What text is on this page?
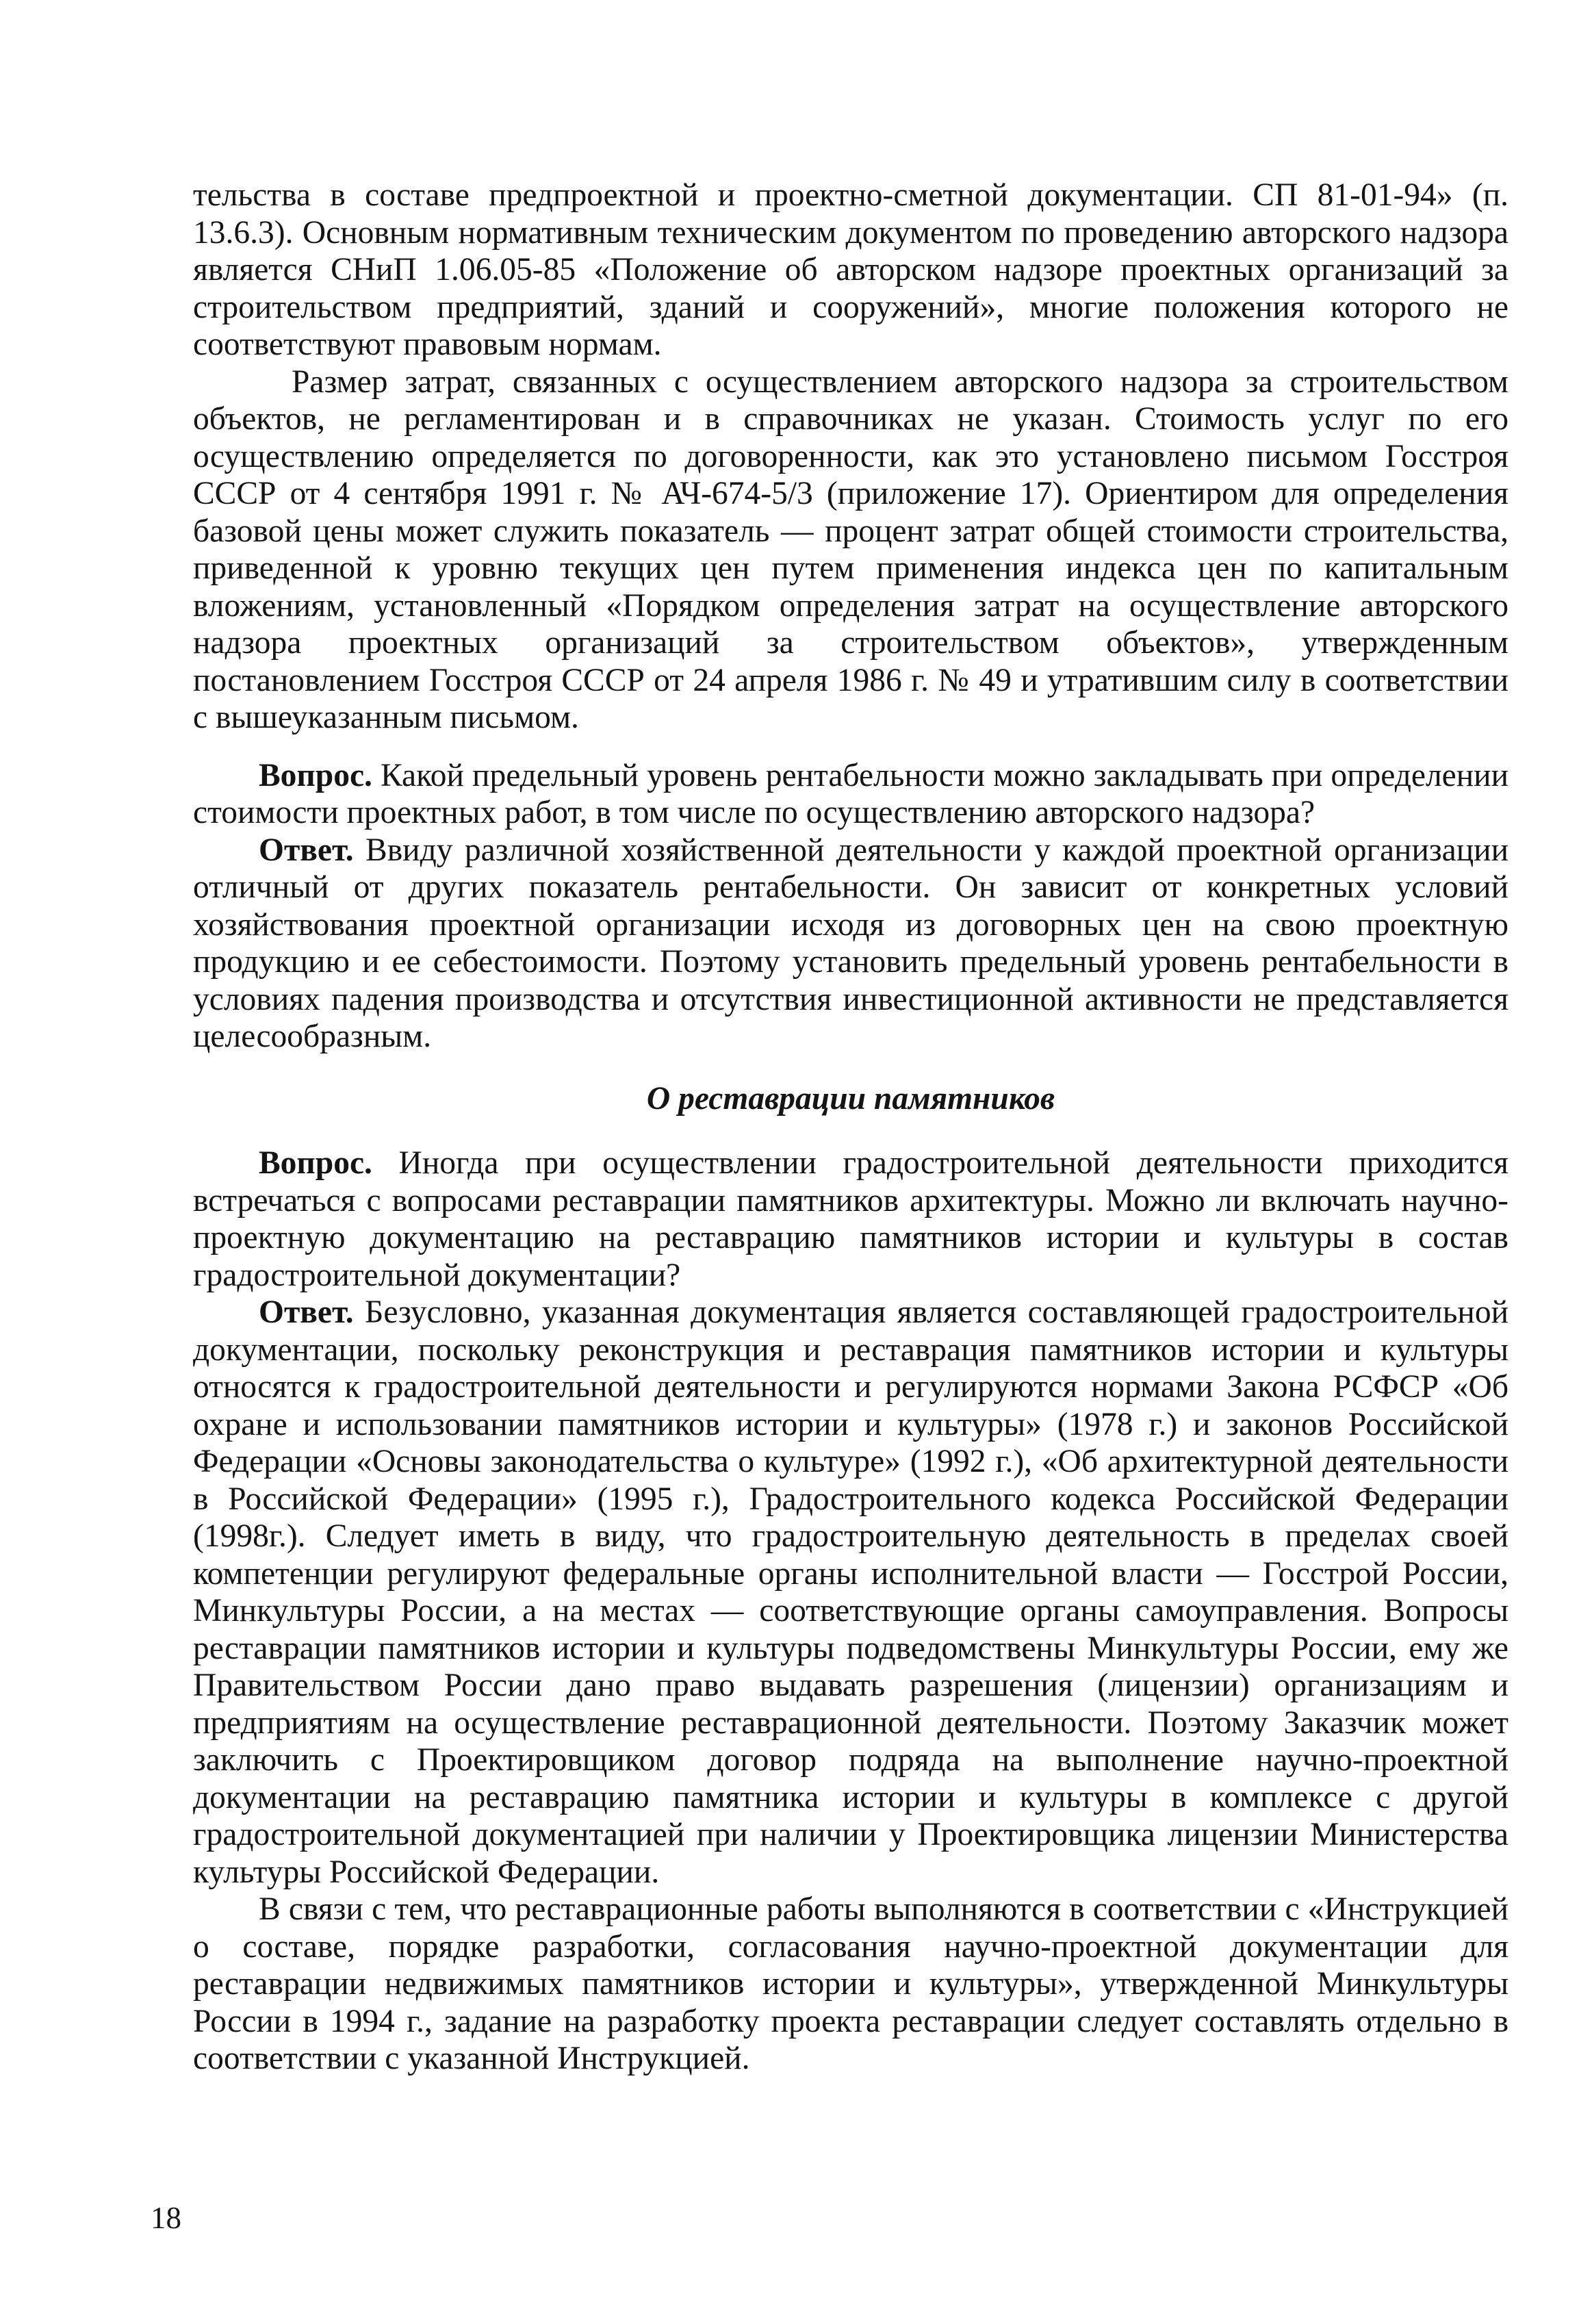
тельства в составе предпроектной и проектно-сметной документации. СП 81-01-94» (п. 13.6.3). Основным нормативным техническим документом по проведению авторского надзора является СНиП 1.06.05-85 «Положение об авторском надзоре проектных организаций за строительством предприятий, зданий и сооружений», многие положения которого не соответствуют правовым нормам.

Размер затрат, связанных с осуществлением авторского надзора за строительством объектов, не регламентирован и в справочниках не указан. Стоимость услуг по его осуществлению определяется по договоренности, как это установлено письмом Госстроя СССР от 4 сентября 1991 г. № АЧ-674-5/3 (приложение 17). Ориентиром для определения базовой цены может служить показатель — процент затрат общей стоимости строительства, приведенной к уровню текущих цен путем применения индекса цен по капитальным вложениям, установленный «Порядком определения затрат на осуществление авторского надзора проектных организаций за строительством объектов», утвержденным постановлением Госстроя СССР от 24 апреля 1986 г. № 49 и утратившим силу в соответствии с вышеуказанным письмом.

Вопрос. Какой предельный уровень рентабельности можно закладывать при определении стоимости проектных работ, в том числе по осуществлению авторского надзора?

Ответ. Ввиду различной хозяйственной деятельности у каждой проектной организации отличный от других показатель рентабельности. Он зависит от конкретных условий хозяйствования проектной организации исходя из договорных цен на свою проектную продукцию и ее себестоимости. Поэтому установить предельный уровень рентабельности в условиях падения производства и отсутствия инвестиционной активности не представляется целесообразным.

О реставрации памятников

Вопрос. Иногда при осуществлении градостроительной деятельности приходится встречаться с вопросами реставрации памятников архитектуры. Можно ли включать научно-проектную документацию на реставрацию памятников истории и культуры в состав градостроительной документации?

Ответ. Безусловно, указанная документация является составляющей градостроительной документации, поскольку реконструкция и реставрация памятников истории и культуры относятся к градостроительной деятельности и регулируются нормами Закона РСФСР «Об охране и использовании памятников истории и культуры» (1978 г.) и законов Российской Федерации «Основы законодательства о культуре» (1992 г.), «Об архитектурной деятельности в Российской Федерации» (1995 г.), Градостроительного кодекса Российской Федерации (1998г.). Следует иметь в виду, что градостроительную деятельность в пределах своей компетенции регулируют федеральные органы исполнительной власти — Госстрой России, Минкультуры России, а на местах — соответствующие органы самоуправления. Вопросы реставрации памятников истории и культуры подведомствены Минкультуры России, ему же Правительством России дано право выдавать разрешения (лицензии) организациям и предприятиям на осуществление реставрационной деятельности. Поэтому Заказчик может заключить с Проектировщиком договор подряда на выполнение научно-проектной документации на реставрацию памятника истории и культуры в комплексе с другой градостроительной документацией при наличии у Проектировщика лицензии Министерства культуры Российской Федерации.

В связи с тем, что реставрационные работы выполняются в соответствии с «Инструкцией о составе, порядке разработки, согласования научно-проектной документации для реставрации недвижимых памятников истории и культуры», утвержденной Минкультуры России в 1994 г., задание на разработку проекта реставрации следует составлять отдельно в соответствии с указанной Инструкцией.

18
